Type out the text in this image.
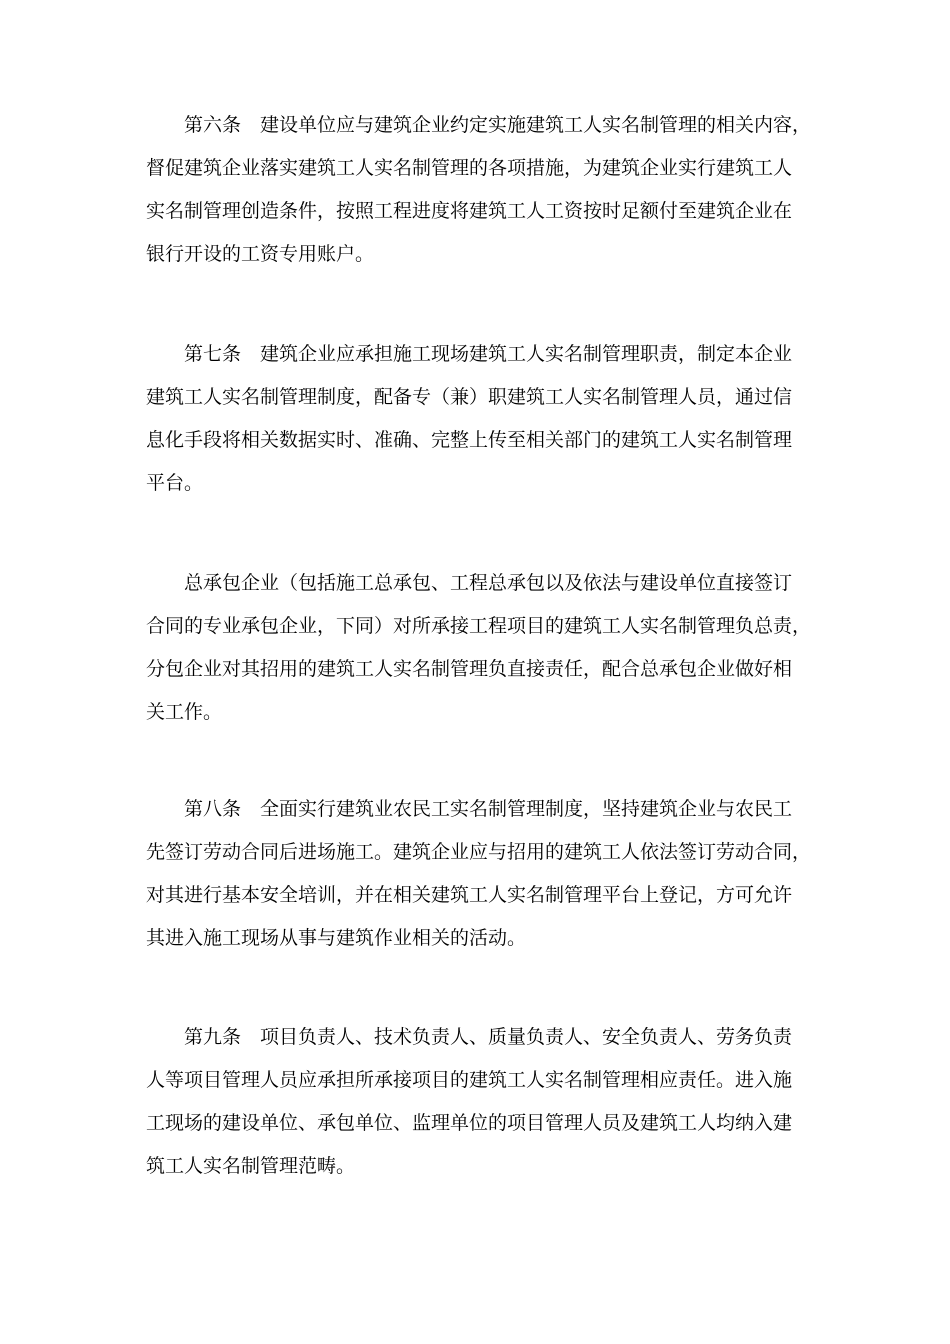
第六条 建设单位应与建筑企业约定实施建筑工人实名制管理的相关内容，
督促建筑企业落实建筑工人实名制管理的各项措施，为建筑企业实行建筑工人
实名制管理创造条件，按照工程进度将建筑工人工资按时足额付至建筑企业在
银行开设的工资专用账户。

第七条 建筑企业应承担施工现场建筑工人实名制管理职责，制定本企业
建筑工人实名制管理制度，配备专（兼）职建筑工人实名制管理人员，通过信
息化手段将相关数据实时、准确、完整上传至相关部门的建筑工人实名制管理
平台。

总承包企业（包括施工总承包、工程总承包以及依法与建设单位直接签订
合同的专业承包企业，下同）对所承接工程项目的建筑工人实名制管理负总责，
分包企业对其招用的建筑工人实名制管理负直接责任，配合总承包企业做好相
关工作。

第八条 全面实行建筑业农民工实名制管理制度，坚持建筑企业与农民工
先签订劳动合同后进场施工。建筑企业应与招用的建筑工人依法签订劳动合同，
对其进行基本安全培训，并在相关建筑工人实名制管理平台上登记，方可允许
其进入施工现场从事与建筑作业相关的活动。

第九条 项目负责人、技术负责人、质量负责人、安全负责人、劳务负责
人等项目管理人员应承担所承接项目的建筑工人实名制管理相应责任。进入施
工现场的建设单位、承包单位、监理单位的项目管理人员及建筑工人均纳入建
筑工人实名制管理范畴。
